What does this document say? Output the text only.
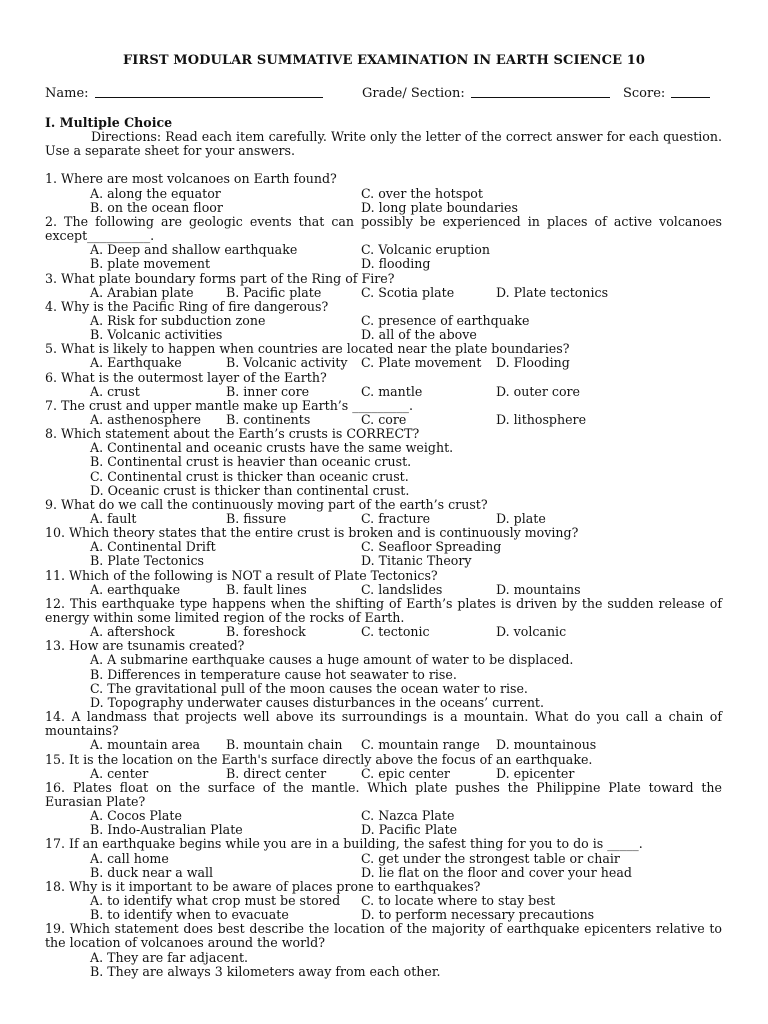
FIRST MODULAR SUMMATIVE EXAMINATION IN EARTH SCIENCE 10
Name:	Grade/ Section:	Score:
I. Multiple Choice
Directions: Read each item carefully. Write only the letter of the correct answer for each question. Use a separate sheet for your answers.
1. Where are most volcanoes on Earth found?
A. along the equator	C. over the hotspot
B. on the ocean floor	D. long plate boundaries
2. The following are geologic events that can possibly be experienced in places of active volcanoes except__________.
A. Deep and shallow earthquake	C. Volcanic eruption
B. plate movement	D. flooding
3. What plate boundary forms part of the Ring of Fire?
A. Arabian plate	B. Pacific plate	C. Scotia plate	D. Plate tectonics
4. Why is the Pacific Ring of fire dangerous?
A. Risk for subduction zone	C. presence of earthquake
B. Volcanic activities	D. all of the above
5. What is likely to happen when countries are located near the plate boundaries?
A. Earthquake	B. Volcanic activity C. Plate movement D. Flooding
6. What is the outermost layer of the Earth?
A. crust	B. inner core	C. mantle	D. outer core
7. The crust and upper mantle make up Earth’s _________.
A. asthenosphere B. continents	C. core	D. lithosphere
8. Which statement about the Earth’s crusts is CORRECT?
A. Continental and oceanic crusts have the same weight.
B. Continental crust is heavier than oceanic crust.
C. Continental crust is thicker than oceanic crust.
D. Oceanic crust is thicker than continental crust.
9. What do we call the continuously moving part of the earth’s crust?
A. fault	B. fissure	C. fracture	D. plate
10. Which theory states that the entire crust is broken and is continuously moving?
A. Continental Drift	C. Seafloor Spreading
B. Plate Tectonics	D. Titanic Theory
11. Which of the following is NOT a result of Plate Tectonics?
A. earthquake	B. fault lines	C. landslides	D. mountains
12. This earthquake type happens when the shifting of Earth’s plates is driven by the sudden release of energy within some limited region of the rocks of Earth.
A. aftershock	B. foreshock	C. tectonic	D. volcanic
13. How are tsunamis created?
A. A submarine earthquake causes a huge amount of water to be displaced.
B. Differences in temperature cause hot seawater to rise.
C. The gravitational pull of the moon causes the ocean water to rise.
D. Topography underwater causes disturbances in the oceans’ current.
14. A landmass that projects well above its surroundings is a mountain. What do you call a chain of mountains?
A. mountain area B. mountain chain C. mountain range D. mountainous
15. It is the location on the Earth's surface directly above the focus of an earthquake.
A. center	B. direct center	C. epic center	D. epicenter
16. Plates float on the surface of the mantle. Which plate pushes the Philippine Plate toward the Eurasian Plate?
A. Cocos Plate	C. Nazca Plate
B. Indo-Australian Plate	D. Pacific Plate
17. If an earthquake begins while you are in a building, the safest thing for you to do is _____.
A. call home	C. get under the strongest table or chair
B. duck near a wall	D. lie flat on the floor and cover your head
18. Why is it important to be aware of places prone to earthquakes?
A. to identify what crop must be stored C. to locate where to stay best
B. to identify when to evacuate	D. to perform necessary precautions
19. Which statement does best describe the location of the majority of earthquake epicenters relative to the location of volcanoes around the world?
A. They are far adjacent.
B. They are always 3 kilometers away from each other.
